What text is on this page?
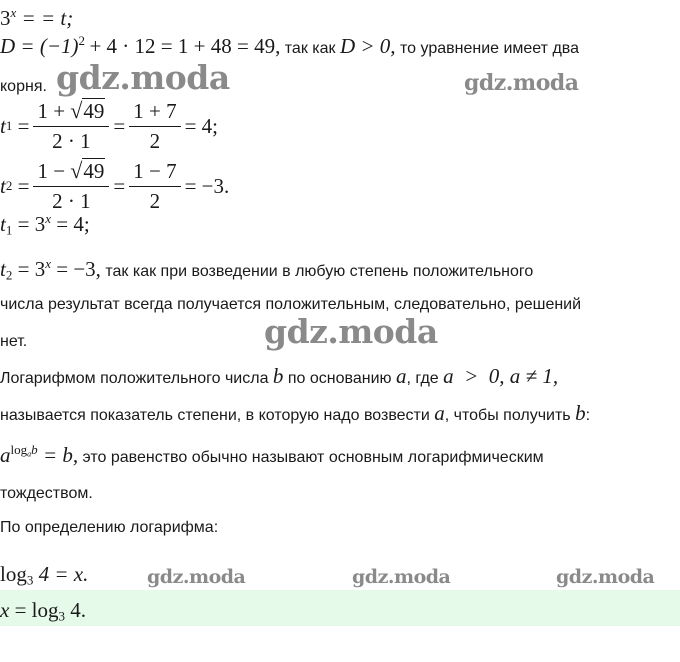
$3^x$ = = t;
$D = (-1)^2 + 4 \cdot 12 = 1 + 48 = 49$, так как D > 0, то уравнение имеет два
корня.
t 1
= $\frac{1 + √ 49}{2 \cdot 1} = \frac{1 + 7}{2} = 4$;
t 2
= $\frac{1 - √ 49}{2 \cdot 1} = \frac{1 - 7}{2} = -3$.
$t_1 = 3^x = 4$;
$t_2 = 3^x = -3$, так как при возведении в любую степень положительного
числа результат всегда получается положительным, следовательно, решений
нет.
Логарифмом положительного числа b по основанию a, где a  >  0, a ≠ 1,
называется показатель степени, в которую надо возвести a, чтобы получить b:
$a^{log_ab} = b$, это равенство обычно называют основным логарифмическим
тождеством.
По определению логарифма:
$\log_3 4 = x$.
$x = \log_3 4$.
gdz.moda	gdz.moda
gdz.moda
gdz.moda	gdz.moda	gdz.moda
